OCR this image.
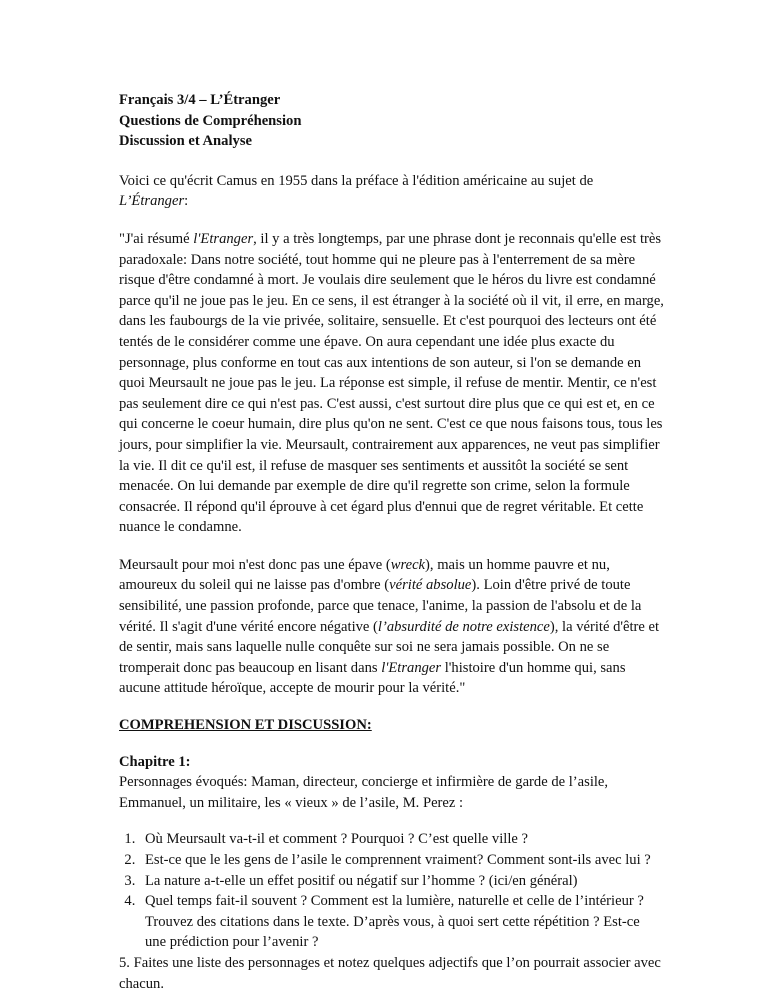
Français 3/4 – L’Étranger

Questions de Compréhension

Discussion et Analyse

Voici ce qu'écrit Camus en 1955 dans la préface à l'édition américaine au sujet de L’Étranger:

"J'ai résumé l'Etranger, il y a très longtemps, par une phrase dont je reconnais qu'elle est très paradoxale: Dans notre société, tout homme qui ne pleure pas à l'enterrement de sa mère risque d'être condamné à mort. Je voulais dire seulement que le héros du livre est condamné parce qu'il ne joue pas le jeu. En ce sens, il est étranger à la société où il vit, il erre, en marge, dans les faubourgs de la vie privée, solitaire, sensuelle. Et c'est pourquoi des lecteurs ont été tentés de le considérer comme une épave. On aura cependant une idée plus exacte du personnage, plus conforme en tout cas aux intentions de son auteur, si l'on se demande en quoi Meursault ne joue pas le jeu. La réponse est simple, il refuse de mentir. Mentir, ce n'est pas seulement dire ce qui n'est pas. C'est aussi, c'est surtout dire plus que ce qui est et, en ce qui concerne le coeur humain, dire plus qu'on ne sent. C'est ce que nous faisons tous, tous les jours, pour simplifier la vie. Meursault, contrairement aux apparences, ne veut pas simplifier la vie. Il dit ce qu'il est, il refuse de masquer ses sentiments et aussitôt la société se sent menacée. On lui demande par exemple de dire qu'il regrette son crime, selon la formule consacrée. Il répond qu'il éprouve à cet égard plus d'ennui que de regret véritable. Et cette nuance le condamne.

Meursault pour moi n'est donc pas une épave (wreck), mais un homme pauvre et nu, amoureux du soleil qui ne laisse pas d'ombre (vérité absolue). Loin d'être privé de toute sensibilité, une passion profonde, parce que tenace, l'anime, la passion de l'absolu et de la vérité. Il s'agit d'une vérité encore négative (l’absurdité de notre existence), la vérité d'être et de sentir, mais sans laquelle nulle conquête sur soi ne sera jamais possible. On ne se tromperait donc pas beaucoup en lisant dans l'Etranger l'histoire d'un homme qui, sans aucune attitude héroïque, accepte de mourir pour la vérité."

COMPREHENSION ET DISCUSSION:

Chapitre 1:

Personnages évoqués: Maman, directeur, concierge et infirmière de garde de l’asile, Emmanuel, un militaire, les « vieux » de l’asile, M. Perez :

1. Où Meursault va-t-il et comment ? Pourquoi ? C’est quelle ville ?
2. Est-ce que le les gens de l’asile le comprennent vraiment? Comment sont-ils avec lui ?
3. La nature a-t-elle un effet positif ou négatif sur l’homme ? (ici/en général)
4. Quel temps fait-il souvent ? Comment est la lumière, naturelle et celle de l’intérieur ? Trouvez des citations dans le texte. D’après vous, à quoi sert cette répétition ? Est-ce une prédiction pour l’avenir ?

5. Faites une liste des personnages et notez quelques adjectifs que l’on pourrait associer avec chacun.
